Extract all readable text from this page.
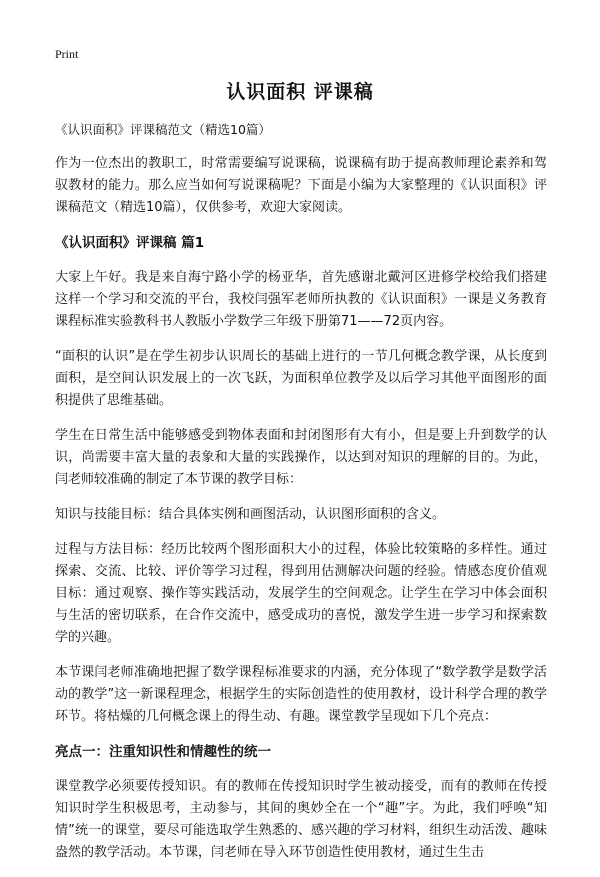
Print
认识面积 评课稿
《认识面积》评课稿范文（精选10篇）

作为一位杰出的教职工，时常需要编写说课稿，说课稿有助于提高教师理论素养和驾驭教材的能力。那么应当如何写说课稿呢？下面是小编为大家整理的《认识面积》评课稿范文（精选10篇），仅供参考，欢迎大家阅读。

《认识面积》评课稿 篇1

大家上午好。我是来自海宁路小学的杨亚华，首先感谢北戴河区进修学校给我们搭建这样一个学习和交流的平台，我校闫强军老师所执教的《认识面积》一课是义务教育课程标准实验教科书人教版小学数学三年级下册第71——72页内容。

“面积的认识”是在学生初步认识周长的基础上进行的一节几何概念教学课，从长度到面积，是空间认识发展上的一次飞跃，为面积单位教学及以后学习其他平面图形的面积提供了思维基础。

学生在日常生活中能够感受到物体表面和封闭图形有大有小，但是要上升到数学的认识，尚需要丰富大量的表象和大量的实践操作，以达到对知识的理解的目的。为此，闫老师较准确的制定了本节课的教学目标：

知识与技能目标：结合具体实例和画图活动，认识图形面积的含义。

过程与方法目标：经历比较两个图形面积大小的过程，体验比较策略的多样性。通过探索、交流、比较、评价等学习过程，得到用估测解决问题的经验。情感态度价值观目标：通过观察、操作等实践活动，发展学生的空间观念。让学生在学习中体会面积与生活的密切联系，在合作交流中，感受成功的喜悦，激发学生进一步学习和探索数学的兴趣。

本节课闫老师准确地把握了数学课程标准要求的内涵，充分体现了“数学教学是数学活动的教学”这一新课程理念，根据学生的实际创造性的使用教材，设计科学合理的教学环节。将枯燥的几何概念课上的得生动、有趣。课堂教学呈现如下几个亮点：

亮点一：注重知识性和情趣性的统一

课堂教学必须要传授知识。有的教师在传授知识时学生被动接受，而有的教师在传授知识时学生积极思考，主动参与，其间的奥妙全在一个“趣”字。为此，我们呼唤“知情”统一的课堂，要尽可能选取学生熟悉的、感兴趣的学习材料，组织生动活泼、趣味盎然的教学活动。本节课，闫老师在导入环节创造性使用教材，通过生生击
